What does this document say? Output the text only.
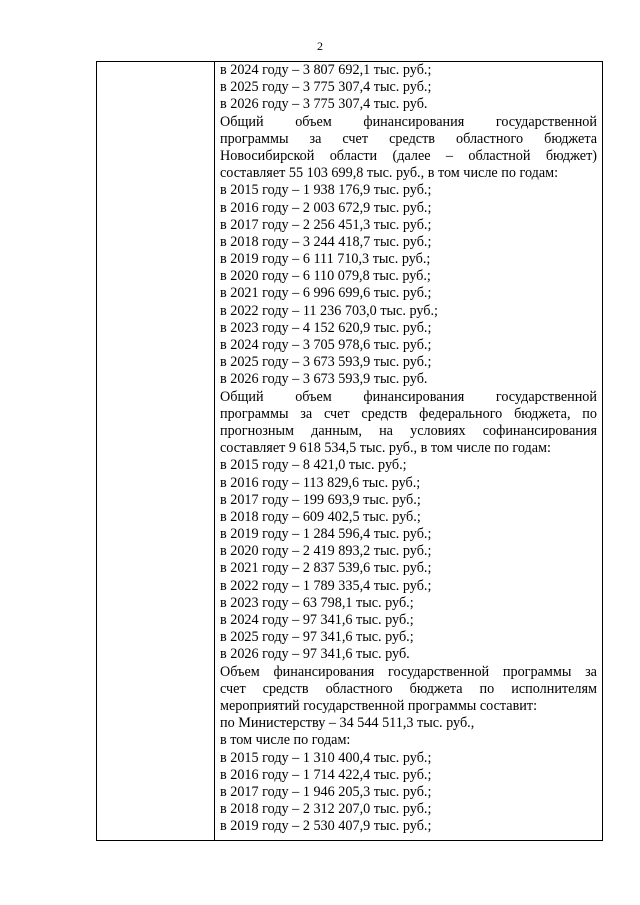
2
в 2024 году – 3 807 692,1 тыс. руб.;
в 2025 году – 3 775 307,4 тыс. руб.;
в 2026 году – 3 775 307,4 тыс. руб.
Общий объем финансирования государственной
программы за счет средств областного бюджета
Новосибирской области (далее – областной бюджет)
составляет 55 103 699,8 тыс. руб., в том числе по годам:
в 2015 году – 1 938 176,9 тыс. руб.;
в 2016 году – 2 003 672,9 тыс. руб.;
в 2017 году – 2 256 451,3 тыс. руб.;
в 2018 году – 3 244 418,7 тыс. руб.;
в 2019 году – 6 111 710,3 тыс. руб.;
в 2020 году – 6 110 079,8 тыс. руб.;
в 2021 году – 6 996 699,6 тыс. руб.;
в 2022 году – 11 236 703,0 тыс. руб.;
в 2023 году – 4 152 620,9 тыс. руб.;
в 2024 году – 3 705 978,6 тыс. руб.;
в 2025 году – 3 673 593,9 тыс. руб.;
в 2026 году – 3 673 593,9 тыс. руб.
Общий объем финансирования государственной
программы за счет средств федерального бюджета, по
прогнозным данным, на условиях софинансирования
составляет 9 618 534,5 тыс. руб., в том числе по годам:
в 2015 году – 8 421,0 тыс. руб.;
в 2016 году – 113 829,6 тыс. руб.;
в 2017 году – 199 693,9 тыс. руб.;
в 2018 году – 609 402,5 тыс. руб.;
в 2019 году – 1 284 596,4 тыс. руб.;
в 2020 году – 2 419 893,2 тыс. руб.;
в 2021 году – 2 837 539,6 тыс. руб.;
в 2022 году – 1 789 335,4 тыс. руб.;
в 2023 году – 63 798,1 тыс. руб.;
в 2024 году – 97 341,6 тыс. руб.;
в 2025 году – 97 341,6 тыс. руб.;
в 2026 году – 97 341,6 тыс. руб.
Объем финансирования государственной программы за
счет средств областного бюджета по исполнителям
мероприятий государственной программы составит:
по Министерству – 34 544 511,3 тыс. руб.,
в том числе по годам:
в 2015 году – 1 310 400,4 тыс. руб.;
в 2016 году – 1 714 422,4 тыс. руб.;
в 2017 году – 1 946 205,3 тыс. руб.;
в 2018 году – 2 312 207,0 тыс. руб.;
в 2019 году – 2 530 407,9 тыс. руб.;
